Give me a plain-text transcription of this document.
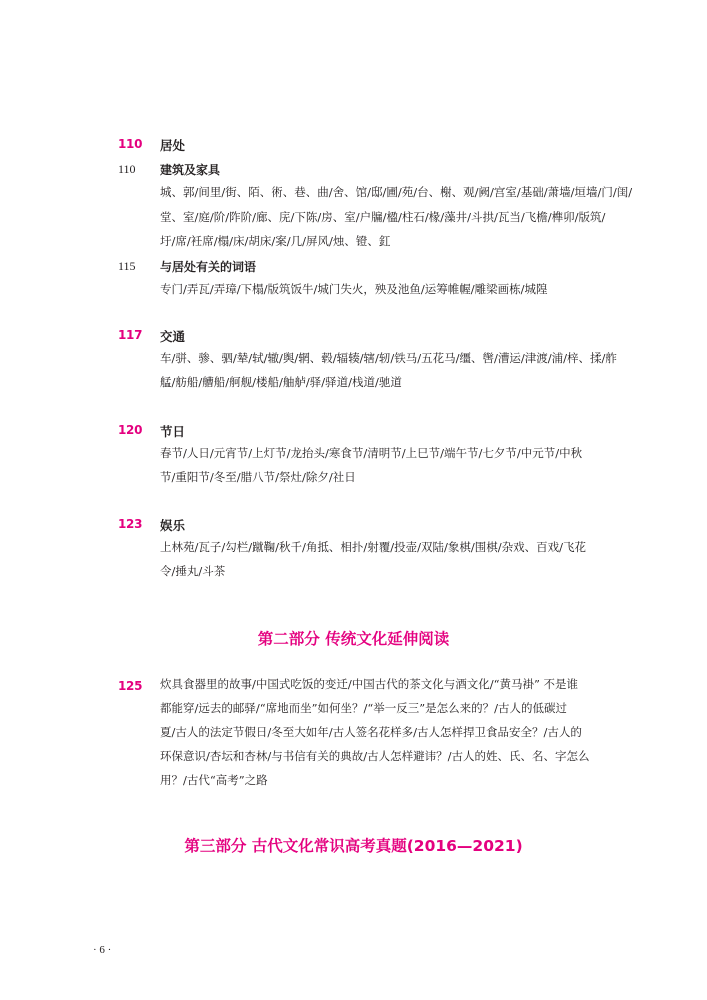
110 居处
110 建筑及家具
城、郭/间里/街、陌、術、巷、曲/舍、馆/邸/圃/苑/台、榭、观/阙/宫室/基础/萧墙/垣墙/门/闺/
堂、室/庭/阶/阼阶/廊、庑/下陈/房、室/户牖/楹/柱石/椽/藻井/斗拱/瓦当/飞檐/榫卯/版筑/
圩/席/衽席/榻/床/胡床/案/几/屏风/烛、镫、釭
115 与居处有关的词语
专门/弄瓦/弄璋/下榻/版筑饭牛/城门失火，殃及池鱼/运筹帷幄/雕梁画栋/城隍
117 交通
车/骈、骖、驷/辇/轼/辙/舆/辋、毂/辐辏/辖/轫/铁马/五花马/缰、辔/漕运/津渡/浦/梓、揉/舴
艋/舫船/艚船/舸舰/楼船/舳舻/驿/驿道/栈道/驰道
120 节日
春节/人日/元宵节/上灯节/龙抬头/寒食节/清明节/上巳节/端午节/七夕节/中元节/中秋
节/重阳节/冬至/腊八节/祭灶/除夕/社日
123 娱乐
上林苑/瓦子/勾栏/蹴鞠/秋千/角抵、相扑/射覆/投壶/双陆/象棋/围棋/杂戏、百戏/飞花
令/捶丸/斗茶
第二部分 传统文化延伸阅读
125 炊具食器里的故事/中国式吃饭的变迁/中国古代的茶文化与酒文化/“黄马褂” 不是谁
都能穿/远去的邮驿/“席地而坐”如何坐？/“举一反三”是怎么来的？/古人的低碳过
夏/古人的法定节假日/冬至大如年/古人签名花样多/古人怎样捍卫食品安全？/古人的
环保意识/杏坛和杏林/与书信有关的典故/古人怎样避讳？/古人的姓、氏、名、字怎么
用？/古代“高考”之路
第三部分 古代文化常识高考真题(2016—2021)
· 6 ·
